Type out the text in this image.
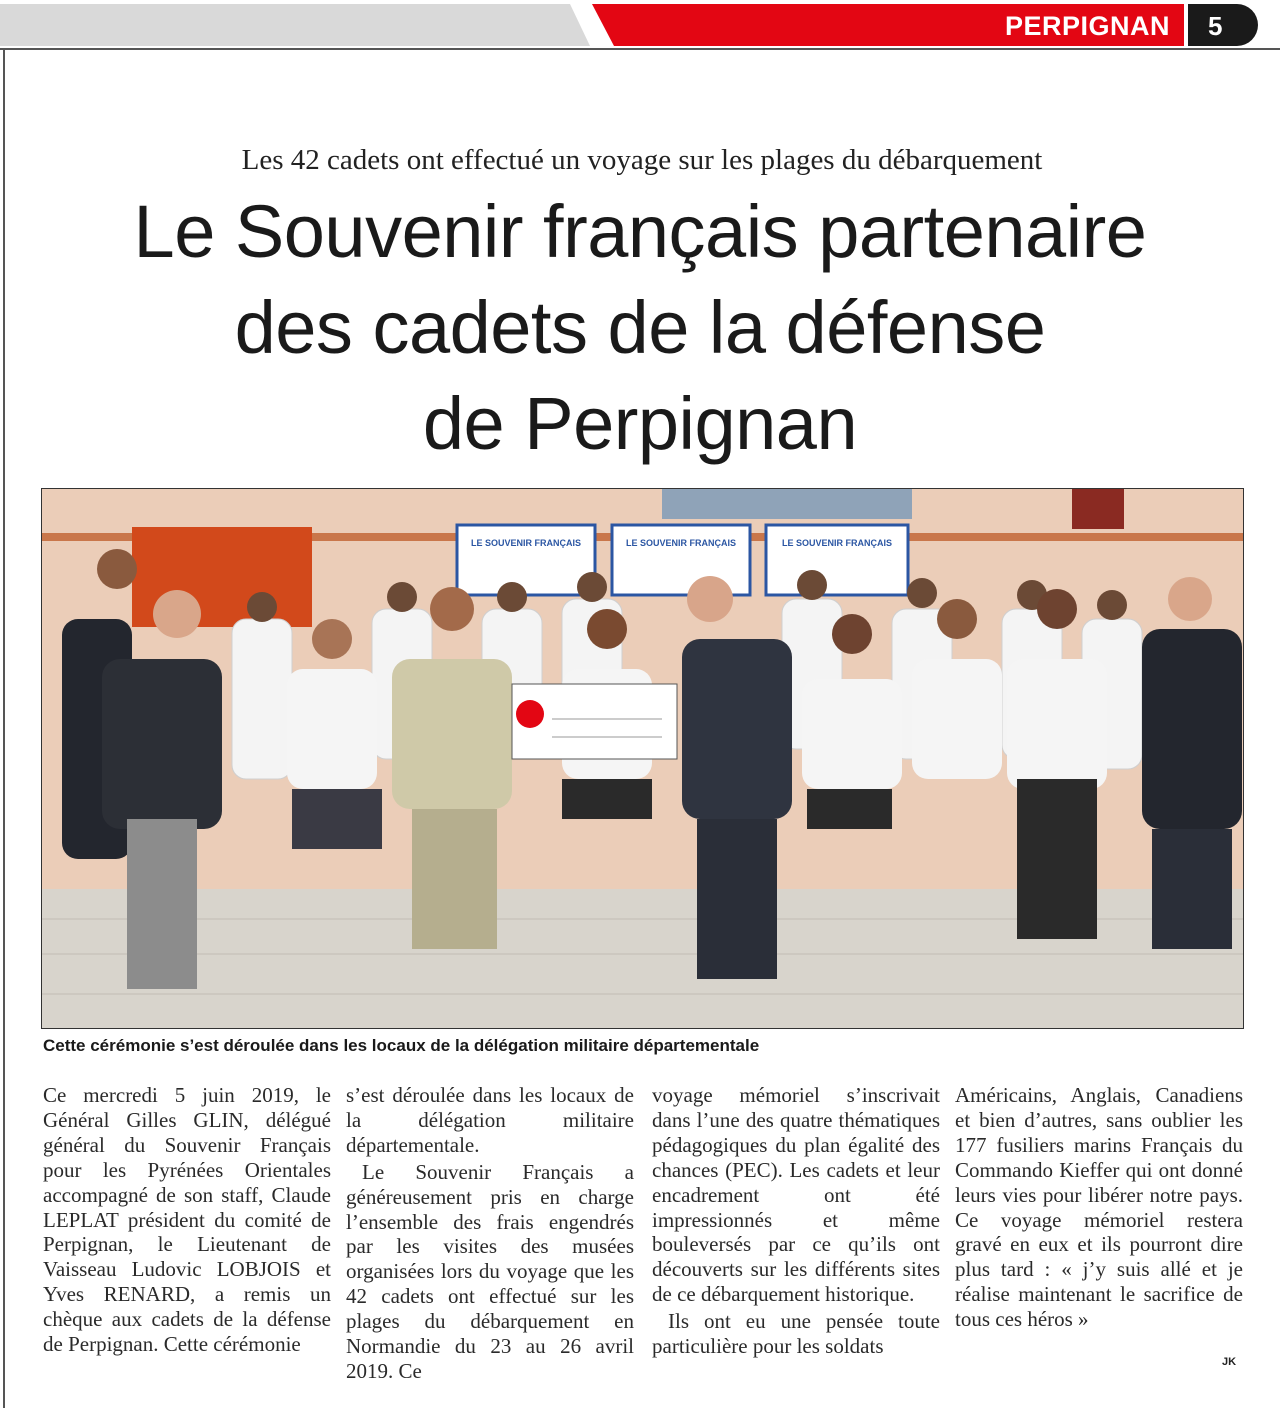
PERPIGNAN	5
Les 42 cadets ont effectué un voyage sur les plages du débarquement
Le Souvenir français partenaire
des cadets de la défense
de Perpignan
LE SOUVENIR FRANÇAIS	LE SOUVENIR FRANÇAIS	LE SOUVENIR FRANÇAIS
Cette cérémonie s’est déroulée dans les locaux de la délégation militaire départementale

Ce mercredi 5 juin 2019, le Général Gilles GLIN, délégué général du Souvenir Français pour les Pyrénées Orientales accompagné de son staff, Claude LEPLAT président du comité de Perpignan, le Lieutenant de Vaisseau Ludovic LOBJOIS et Yves RENARD, a remis un chèque aux cadets de la défense de Perpignan. Cette cérémonie

s’est déroulée dans les locaux de la délégation militaire départementale.

Le Souvenir Français a généreusement pris en charge l’ensemble des frais engendrés par les visites des musées organisées lors du voyage que les 42 cadets ont effectué sur les plages du débarquement en Normandie du 23 au 26 avril 2019. Ce

voyage mémoriel s’inscrivait dans l’une des quatre thématiques pédagogiques du plan égalité des chances (PEC). Les cadets et leur encadrement ont été impressionnés et même bouleversés par ce qu’ils ont découverts sur les différents sites de ce débarquement historique.

Ils ont eu une pensée toute particulière pour les soldats

Américains, Anglais, Canadiens et bien d’autres, sans oublier les 177 fusiliers marins Français du Commando Kieffer qui ont donné leurs vies pour libérer notre pays. Ce voyage mémoriel restera gravé en eux et ils pourront dire plus tard : « j’y suis allé et je réalise maintenant le sacrifice de tous ces héros »

JK
